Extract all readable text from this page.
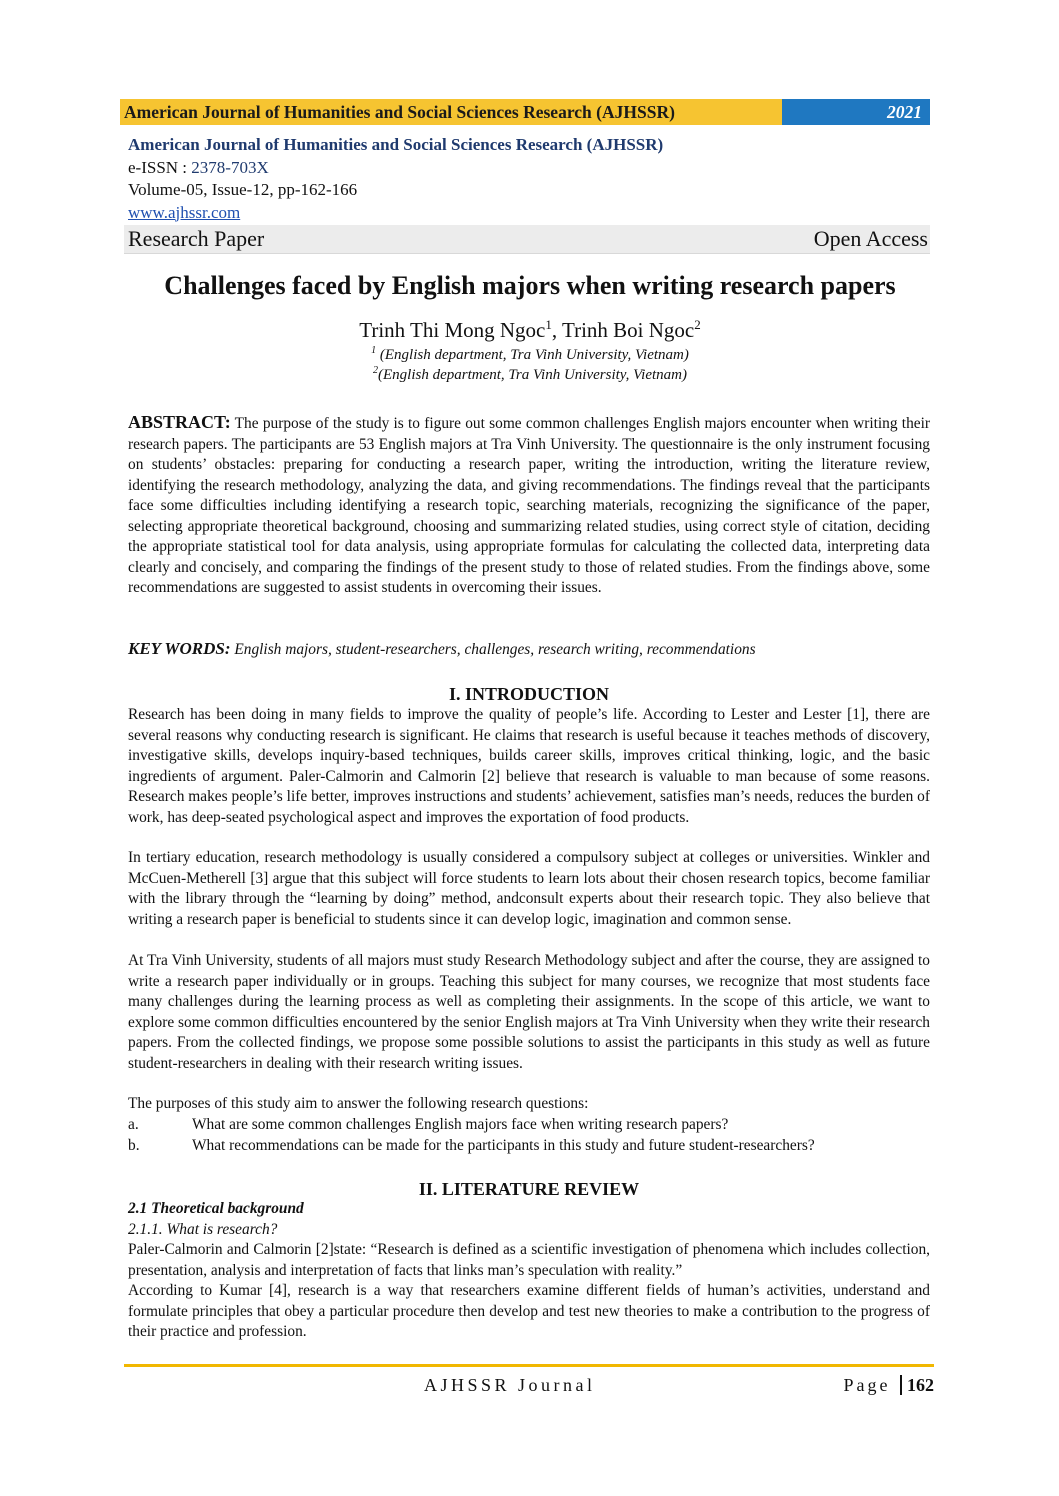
American Journal of Humanities and Social Sciences Research (AJHSSR)	2021
American Journal of Humanities and Social Sciences Research (AJHSSR)
e-ISSN : 2378-703X
Volume-05, Issue-12, pp-162-166
www.ajhssr.com
Research Paper	Open Access
Challenges faced by English majors when writing research papers
Trinh Thi Mong Ngoc$^1$, Trinh Boi Ngoc$^2$
$^1$ (English department, Tra Vinh University, Vietnam)
$^2$(English department, Tra Vinh University, Vietnam)
ABSTRACT: The purpose of the study is to figure out some common challenges English majors encounter when writing their research papers. The participants are 53 English majors at Tra Vinh University. The questionnaire is the only instrument focusing on students’ obstacles: preparing for conducting a research paper, writing the introduction, writing the literature review, identifying the research methodology, analyzing the data, and giving recommendations. The findings reveal that the participants face some difficulties including identifying a research topic, searching materials, recognizing the significance of the paper, selecting appropriate theoretical background, choosing and summarizing related studies, using correct style of citation, deciding the appropriate statistical tool for data analysis, using appropriate formulas for calculating the collected data, interpreting data clearly and concisely, and comparing the findings of the present study to those of related studies. From the findings above, some recommendations are suggested to assist students in overcoming their issues.
KEY WORDS: English majors, student-researchers, challenges, research writing, recommendations
I. INTRODUCTION
Research has been doing in many fields to improve the quality of people’s life. According to Lester and Lester [1], there are several reasons why conducting research is significant. He claims that research is useful because it teaches methods of discovery, investigative skills, develops inquiry-based techniques, builds career skills, improves critical thinking, logic, and the basic ingredients of argument. Paler-Calmorin and Calmorin [2] believe that research is valuable to man because of some reasons. Research makes people’s life better, improves instructions and students’ achievement, satisfies man’s needs, reduces the burden of work, has deep-seated psychological aspect and improves the exportation of food products.
In tertiary education, research methodology is usually considered a compulsory subject at colleges or universities. Winkler and McCuen-Metherell [3] argue that this subject will force students to learn lots about their chosen research topics, become familiar with the library through the “learning by doing” method, andconsult experts about their research topic. They also believe that writing a research paper is beneficial to students since it can develop logic, imagination and common sense.
At Tra Vinh University, students of all majors must study Research Methodology subject and after the course, they are assigned to write a research paper individually or in groups. Teaching this subject for many courses, we recognize that most students face many challenges during the learning process as well as completing their assignments. In the scope of this article, we want to explore some common difficulties encountered by the senior English majors at Tra Vinh University when they write their research papers. From the collected findings, we propose some possible solutions to assist the participants in this study as well as future student-researchers in dealing with their research writing issues.
The purposes of this study aim to answer the following research questions:
a.	What are some common challenges English majors face when writing research papers?
b.	What recommendations can be made for the participants in this study and future student-researchers?
II. LITERATURE REVIEW
2.1 Theoretical background
2.1.1. What is research?
Paler-Calmorin and Calmorin [2]state: “Research is defined as a scientific investigation of phenomena which includes collection, presentation, analysis and interpretation of facts that links man’s speculation with reality.”
According to Kumar [4], research is a way that researchers examine different fields of human’s activities, understand and formulate principles that obey a particular procedure then develop and test new theories to make a contribution to the progress of their practice and profession.
AJHSSR Journal	Page 162
